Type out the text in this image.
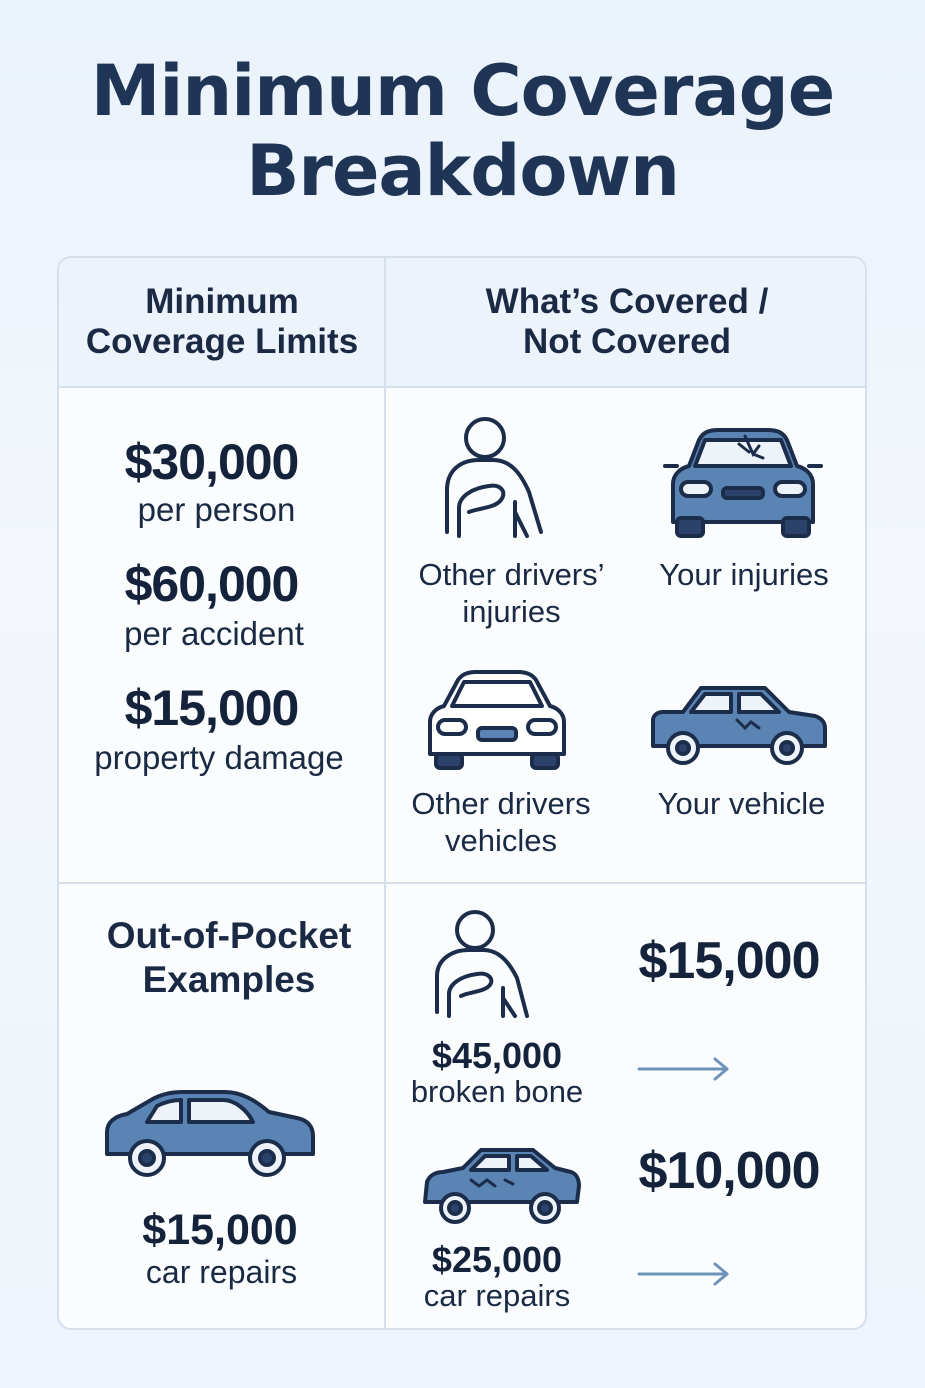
Minimum Coverage
Breakdown
Minimum
Coverage Limits
What’s Covered /
Not Covered
$30,000
per person
$60,000
per accident
$15,000
property damage
Other drivers’
injuries
Your injuries
Other drivers
vehicles
Your vehicle
Out-of-Pocket
Examples
$15,000
car repairs
$45,000
broken bone
$15,000
$25,000
car repairs
$10,000
